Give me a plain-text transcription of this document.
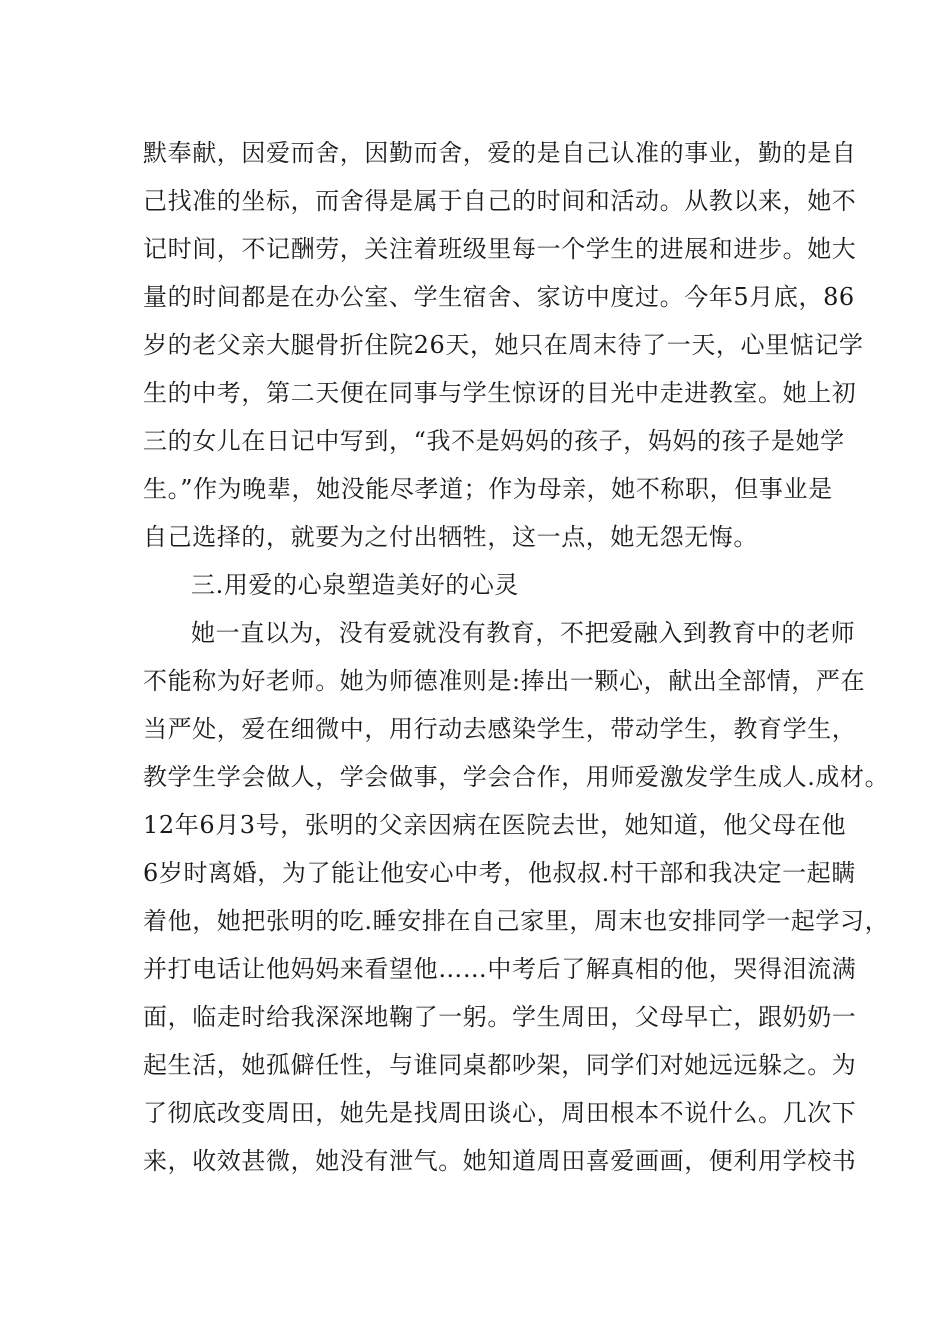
默奉献，因爱而舍，因勤而舍，爱的是自己认准的事业，勤的是自
己找准的坐标，而舍得是属于自己的时间和活动。从教以来，她不
记时间，不记酬劳，关注着班级里每一个学生的进展和进步。她大
量的时间都是在办公室、学生宿舍、家访中度过。今年5月底，86
岁的老父亲大腿骨折住院26天，她只在周末待了一天，心里惦记学
生的中考，第二天便在同事与学生惊讶的目光中走进教室。她上初
三的女儿在日记中写到，“我不是妈妈的孩子，妈妈的孩子是她学
生。”作为晚辈，她没能尽孝道；作为母亲，她不称职，但事业是
自己选择的，就要为之付出牺牲，这一点，她无怨无悔。
三.用爱的心泉塑造美好的心灵
她一直以为，没有爱就没有教育，不把爱融入到教育中的老师
不能称为好老师。她为师德准则是:捧出一颗心，献出全部情，严在
当严处，爱在细微中，用行动去感染学生，带动学生，教育学生，
教学生学会做人，学会做事，学会合作，用师爱激发学生成人.成材。
12年6月3号，张明的父亲因病在医院去世，她知道，他父母在他
6岁时离婚，为了能让他安心中考，他叔叔.村干部和我决定一起瞒
着他，她把张明的吃.睡安排在自己家里，周末也安排同学一起学习，
并打电话让他妈妈来看望他……中考后了解真相的他，哭得泪流满
面，临走时给我深深地鞠了一躬。学生周田，父母早亡，跟奶奶一
起生活，她孤僻任性，与谁同桌都吵架，同学们对她远远躲之。为
了彻底改变周田，她先是找周田谈心，周田根本不说什么。几次下
来，收效甚微，她没有泄气。她知道周田喜爱画画，便利用学校书
